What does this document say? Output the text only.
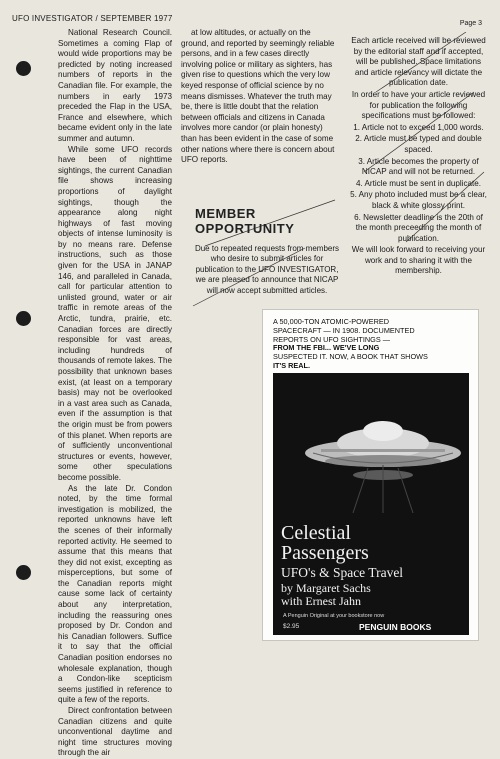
UFO INVESTIGATOR / SEPTEMBER 1977
Page 3

National Research Council. Sometimes a coming Flap of would wide proportions may be predicted by noting increased numbers of reports in the Canadian file. For example, the numbers in early 1973 preceded the Flap in the USA, France and elsewhere, which became evident only in the late summer and autumn.

While some UFO records have been of nighttime sightings, the current Canadian file shows increasing proportions of daylight sightings, though the appearance along night highways of fast moving objects of intense luminosity is by no means rare. Defense instructions, such as those given for the USA in JANAP 146, and paralleled in Canada, call for particular attention to unlisted ground, water or air traffic in remote areas of the Arctic, tundra, prairie, etc. Canadian forces are directly responsible for vast areas, including hundreds of thousands of remote lakes. The possibility that unknown bases exist, (at least on a temporary basis) may not be overlooked in a vast area such as Canada, even if the assumption is that the origin must be from powers of this planet. When reports are of sufficiently unconventional structures or events, however, some other speculations become possible.

As the late Dr. Condon noted, by the time formal investigation is mobilized, the reported unknowns have left the scenes of their informally reported activity. He seemed to assume that this means that they did not exist, excepting as misperceptions, but some of the Canadian reports might cause some lack of certainty about any interpretation, including the reassuring ones proposed by Dr. Condon and his Canadian followers. Suffice it to say that the official Canadian position endorses no wholesale explanation, though a Condon-like scepticism seems justified in reference to quite a few of the reports.

Direct confrontation between Canadian citizens and quite unconventional daytime and night time structures moving through the air

at low altitudes, or actually on the ground, and reported by seemingly reliable persons, and in a few cases directly involving police or military as sighters, has given rise to questions which the very low keyed response of official science by no means dismisses. Whatever the truth may be, there is little doubt that the relation between officials and citizens in Canada involves more candor (or plain honesty) than has been evident in the case of some other nations where there is concern about UFO reports.

MEMBER
OPPORTUNITY
Due to repeated requests from members who desire to submit articles for publication to the UFO INVESTIGATOR, we are pleased to announce that NICAP will now accept submitted articles.

Each article received will be reviewed by the editorial staff and if accepted, will be published. Space limitations and article relevancy will dictate the publication date.

In order to have your article reviewed for publication the following specifications must be followed:

1. Article not to exceed 1,000 words.

2. Article must be typed and double spaced.

3. Article becomes the property of NICAP and will not be returned.

4. Article must be sent in duplicate.

5. Any photo included must be a clear, black & white glossy print.

6. Newsletter deadline is the 20th of the month preceeding the month of publication.

We will look forward to receiving your work and to sharing it with the membership.

A 50,000-TON ATOMIC-POWERED
SPACECRAFT — IN 1908. DOCUMENTED
REPORTS ON UFO SIGHTINGS —
FROM THE FBI... WE'VE LONG
SUSPECTED IT. NOW, A BOOK THAT SHOWS
IT'S REAL.
Celestial
Passengers
UFO's & Space Travel
by Margaret Sachs
with Ernest Jahn
A Penguin Original at your bookstore now
$2.95	PENGUIN BOOKS
